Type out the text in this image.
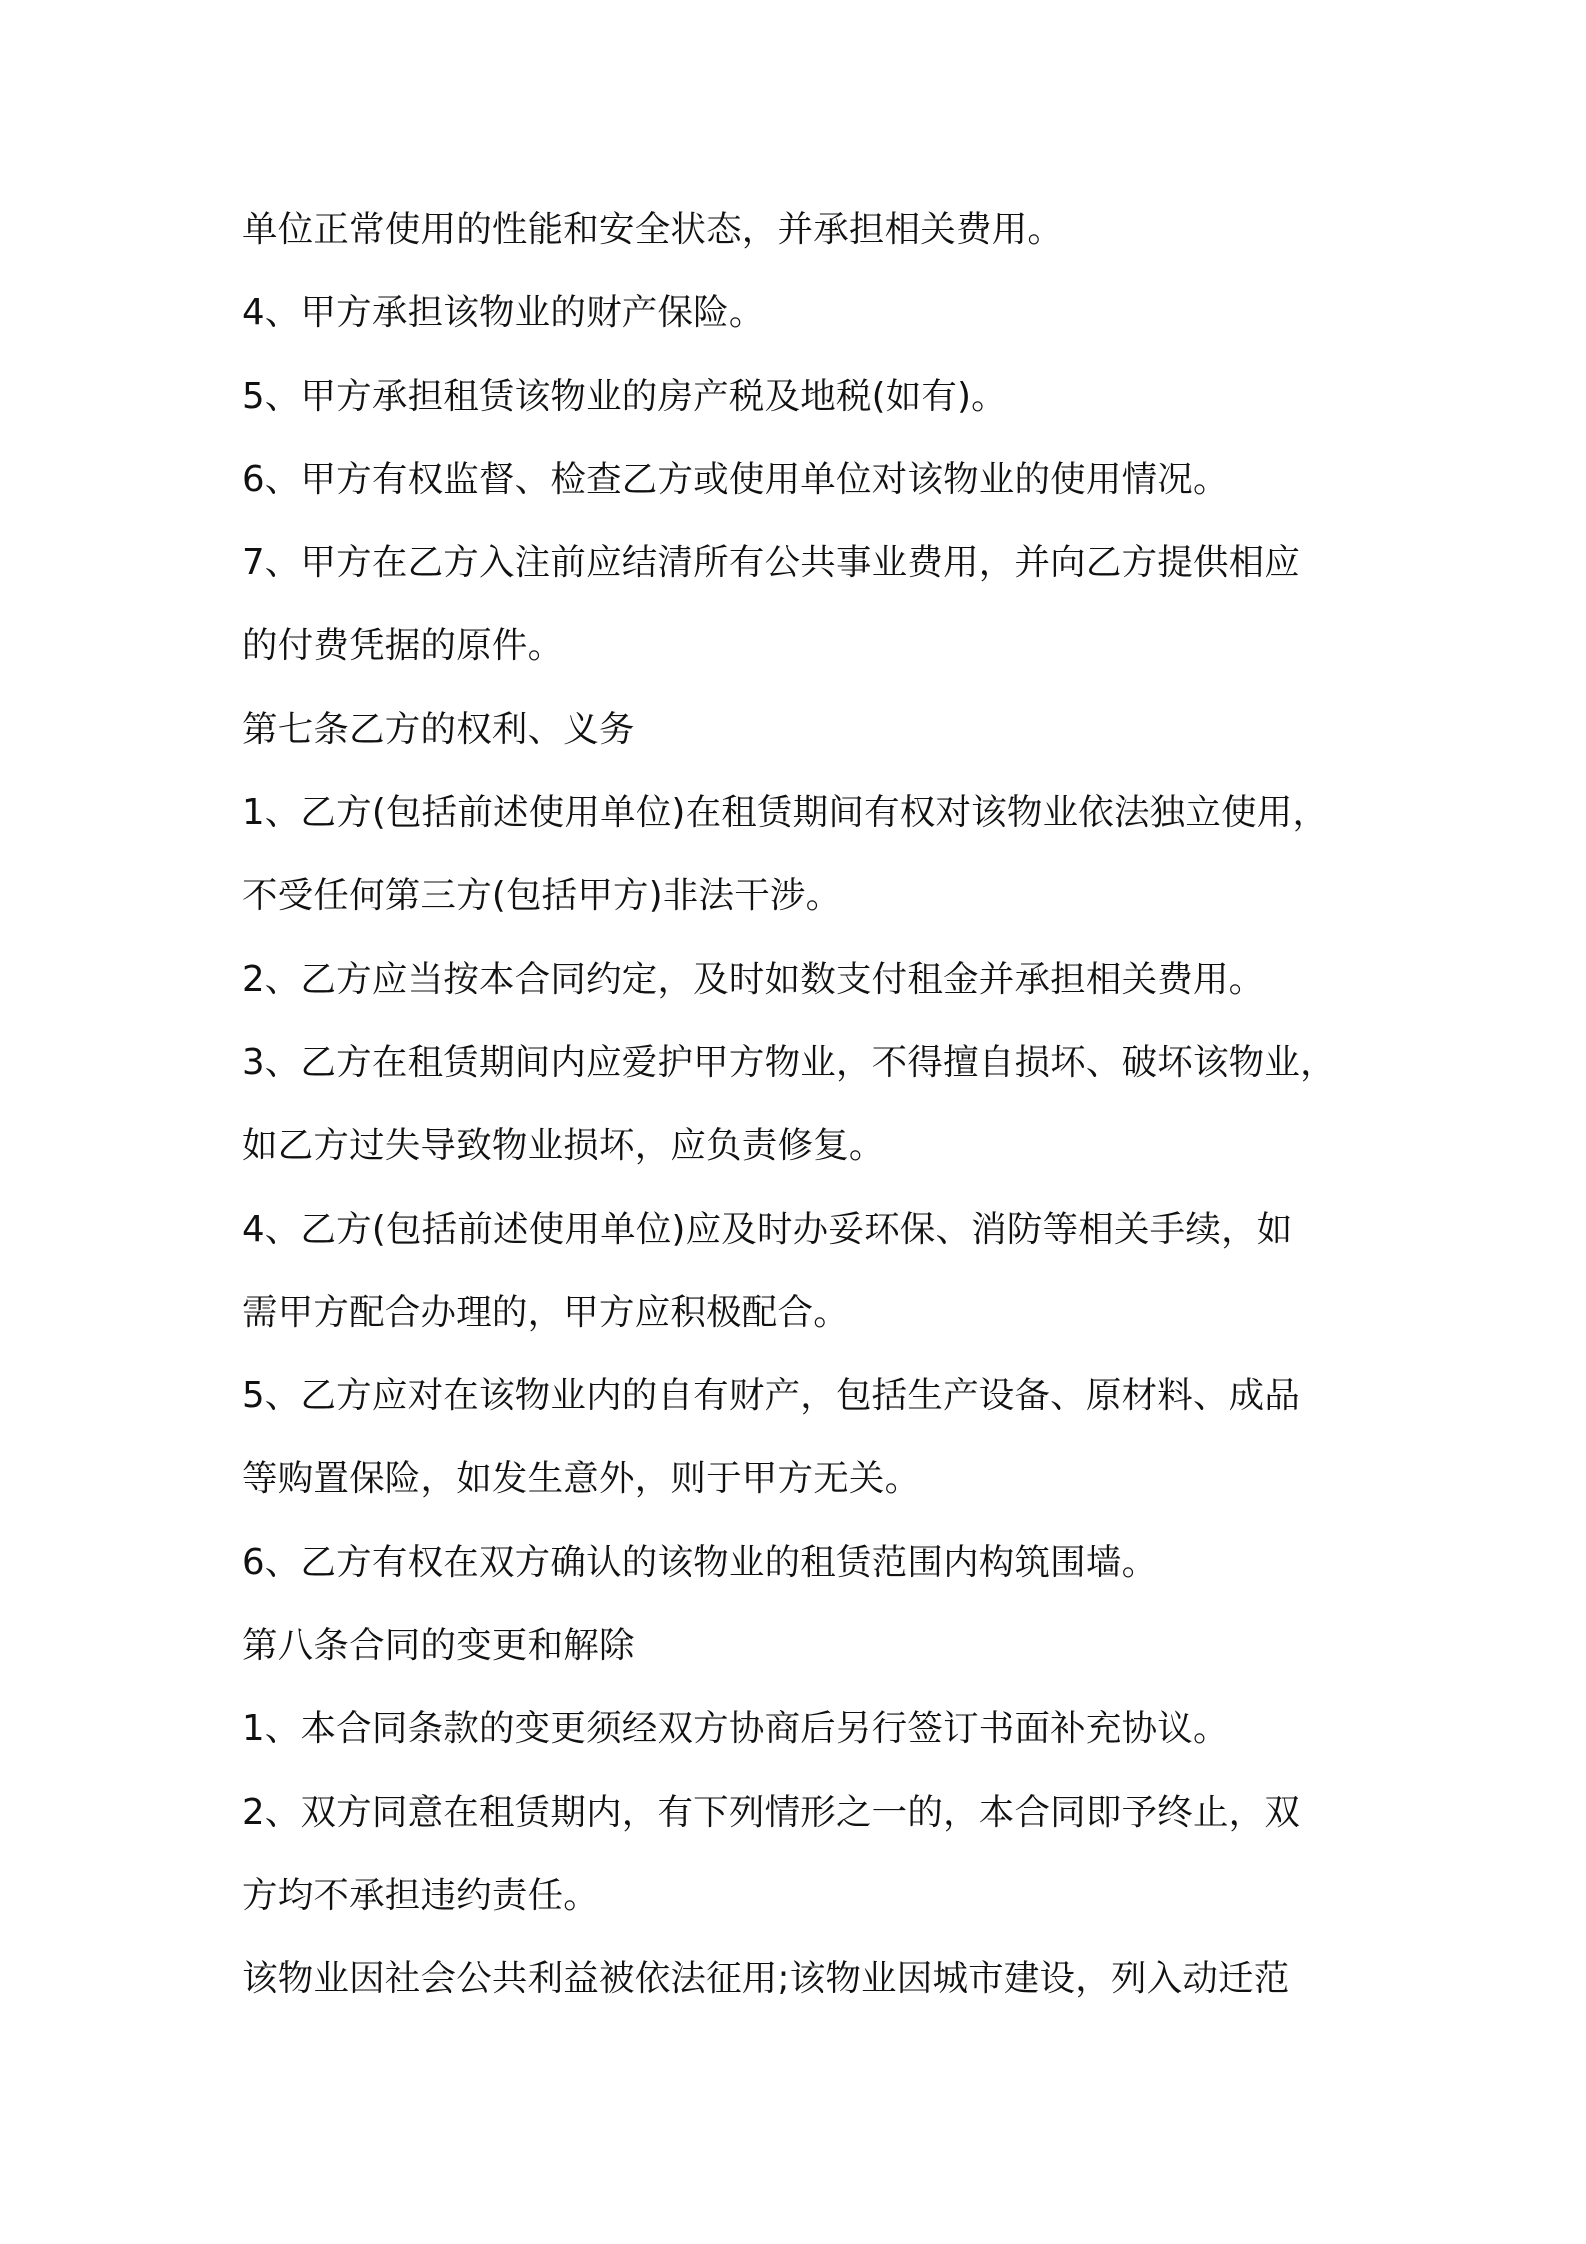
单位正常使用的性能和安全状态，并承担相关费用。
4、甲方承担该物业的财产保险。
5、甲方承担租赁该物业的房产税及地税(如有)。
6、甲方有权监督、检查乙方或使用单位对该物业的使用情况。
7、甲方在乙方入注前应结清所有公共事业费用，并向乙方提供相应
的付费凭据的原件。
第七条乙方的权利、义务
1、乙方(包括前述使用单位)在租赁期间有权对该物业依法独立使用，
不受任何第三方(包括甲方)非法干涉。
2、乙方应当按本合同约定，及时如数支付租金并承担相关费用。
3、乙方在租赁期间内应爱护甲方物业，不得擅自损坏、破坏该物业，
如乙方过失导致物业损坏，应负责修复。
4、乙方(包括前述使用单位)应及时办妥环保、消防等相关手续，如
需甲方配合办理的，甲方应积极配合。
5、乙方应对在该物业内的自有财产，包括生产设备、原材料、成品
等购置保险，如发生意外，则于甲方无关。
6、乙方有权在双方确认的该物业的租赁范围内构筑围墙。
第八条合同的变更和解除
1、本合同条款的变更须经双方协商后另行签订书面补充协议。
2、双方同意在租赁期内，有下列情形之一的，本合同即予终止，双
方均不承担违约责任。
该物业因社会公共利益被依法征用;该物业因城市建设，列入动迁范
